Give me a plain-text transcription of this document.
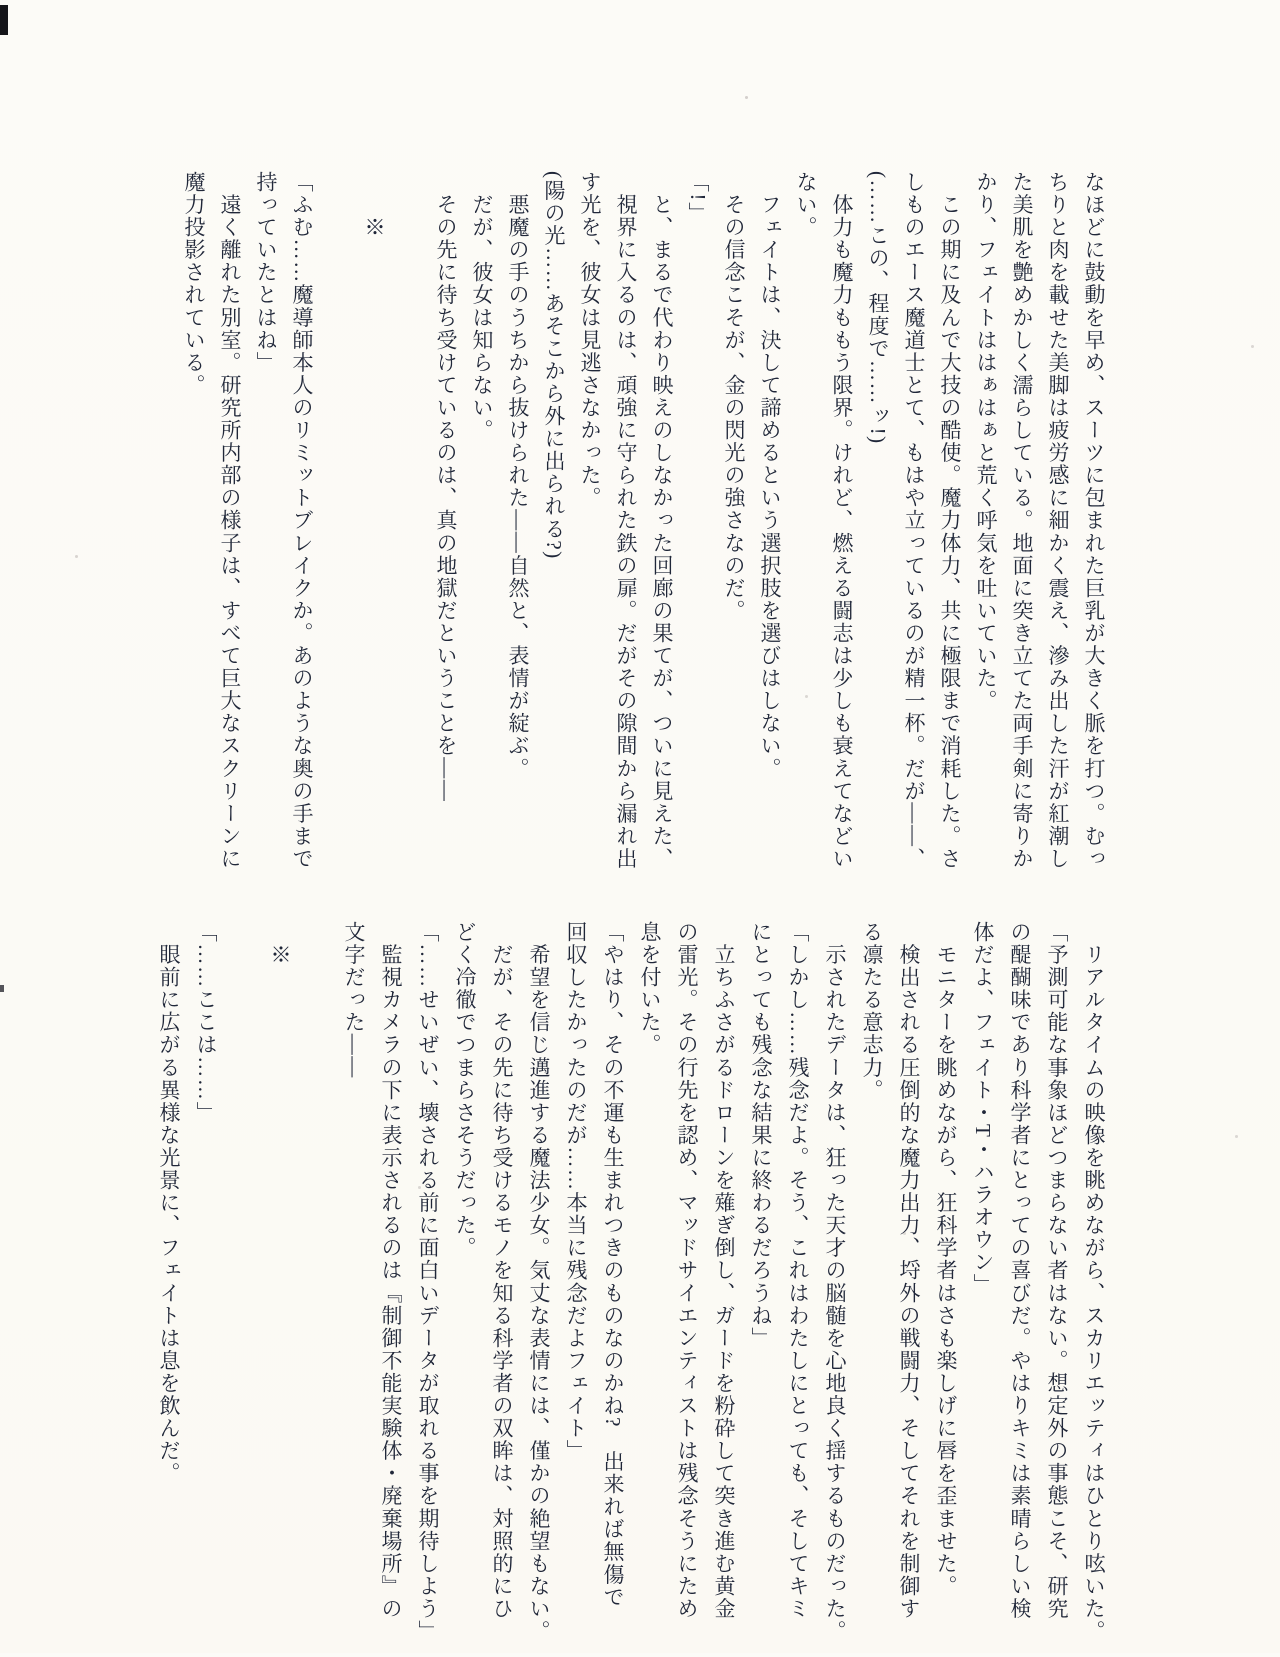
なほどに鼓動を早め、スーツに包まれた巨乳が大きく脈を打つ。むっ
ちりと肉を載せた美脚は疲労感に細かく震え、滲み出した汗が紅潮し
た美肌を艶めかしく濡らしている。地面に突き立てた両手剣に寄りか
かり、フェイトははぁはぁと荒く呼気を吐いていた。
　この期に及んで大技の酷使。魔力体力、共に極限まで消耗した。さ
しものエース魔道士とて、もはや立っているのが精一杯。だが――、
(……この、程度で……ッ!)
　体力も魔力ももう限界。けれど、燃える闘志は少しも衰えてなどい
ない。
　フェイトは、決して諦めるという選択肢を選びはしない。
　その信念こそが、金の閃光の強さなのだ。
「!」
　と、まるで代わり映えのしなかった回廊の果てが、ついに見えた、
　視界に入るのは、頑強に守られた鉄の扉。だがその隙間から漏れ出
す光を、彼女は見逃さなかった。
(陽の光……あそこから外に出られる?)
　悪魔の手のうちから抜けられた――自然と、表情が綻ぶ。
　だが、彼女は知らない。
　その先に待ち受けているのは、真の地獄だということを――

　　※

「ふむ……魔導師本人のリミットブレイクか。あのような奥の手まで
持っていたとはね」
　遠く離れた別室。研究所内部の様子は、すべて巨大なスクリーンに
魔力投影されている。
　リアルタイムの映像を眺めながら、スカリエッティはひとり呟いた。
「予測可能な事象ほどつまらない者はない。想定外の事態こそ、研究
の醍醐味であり科学者にとっての喜びだ。やはりキミは素晴らしい検
体だよ、フェイト・T・ハラオウン」
　モニターを眺めながら、狂科学者はさも楽しげに唇を歪ませた。
　検出される圧倒的な魔力出力、埒外の戦闘力、そしてそれを制御す
る凛たる意志力。
　示されたデータは、狂った天才の脳髄を心地良く揺するものだった。
「しかし……残念だよ。そう、これはわたしにとっても、そしてキミ
にとっても残念な結果に終わるだろうね」
　立ちふさがるドローンを薙ぎ倒し、ガードを粉砕して突き進む黄金
の雷光。その行先を認め、マッドサイエンティストは残念そうにため
息を付いた。
「やはり、その不運も生まれつきのものなのかね?　出来れば無傷で
回収したかったのだが……本当に残念だよフェイト」
　希望を信じ邁進する魔法少女。気丈な表情には、僅かの絶望もない。
　だが、その先に待ち受けるモノを知る科学者の双眸は、対照的にひ
どく冷徹でつまらさそうだった。
「……せいぜい、壊される前に面白いデータが取れる事を期待しよう」
　監視カメラの下に表示されるのは『制御不能実験体・廃棄場所』の
文字だった――

　※

「……ここは……」
　眼前に広がる異様な光景に、フェイトは息を飲んだ。
